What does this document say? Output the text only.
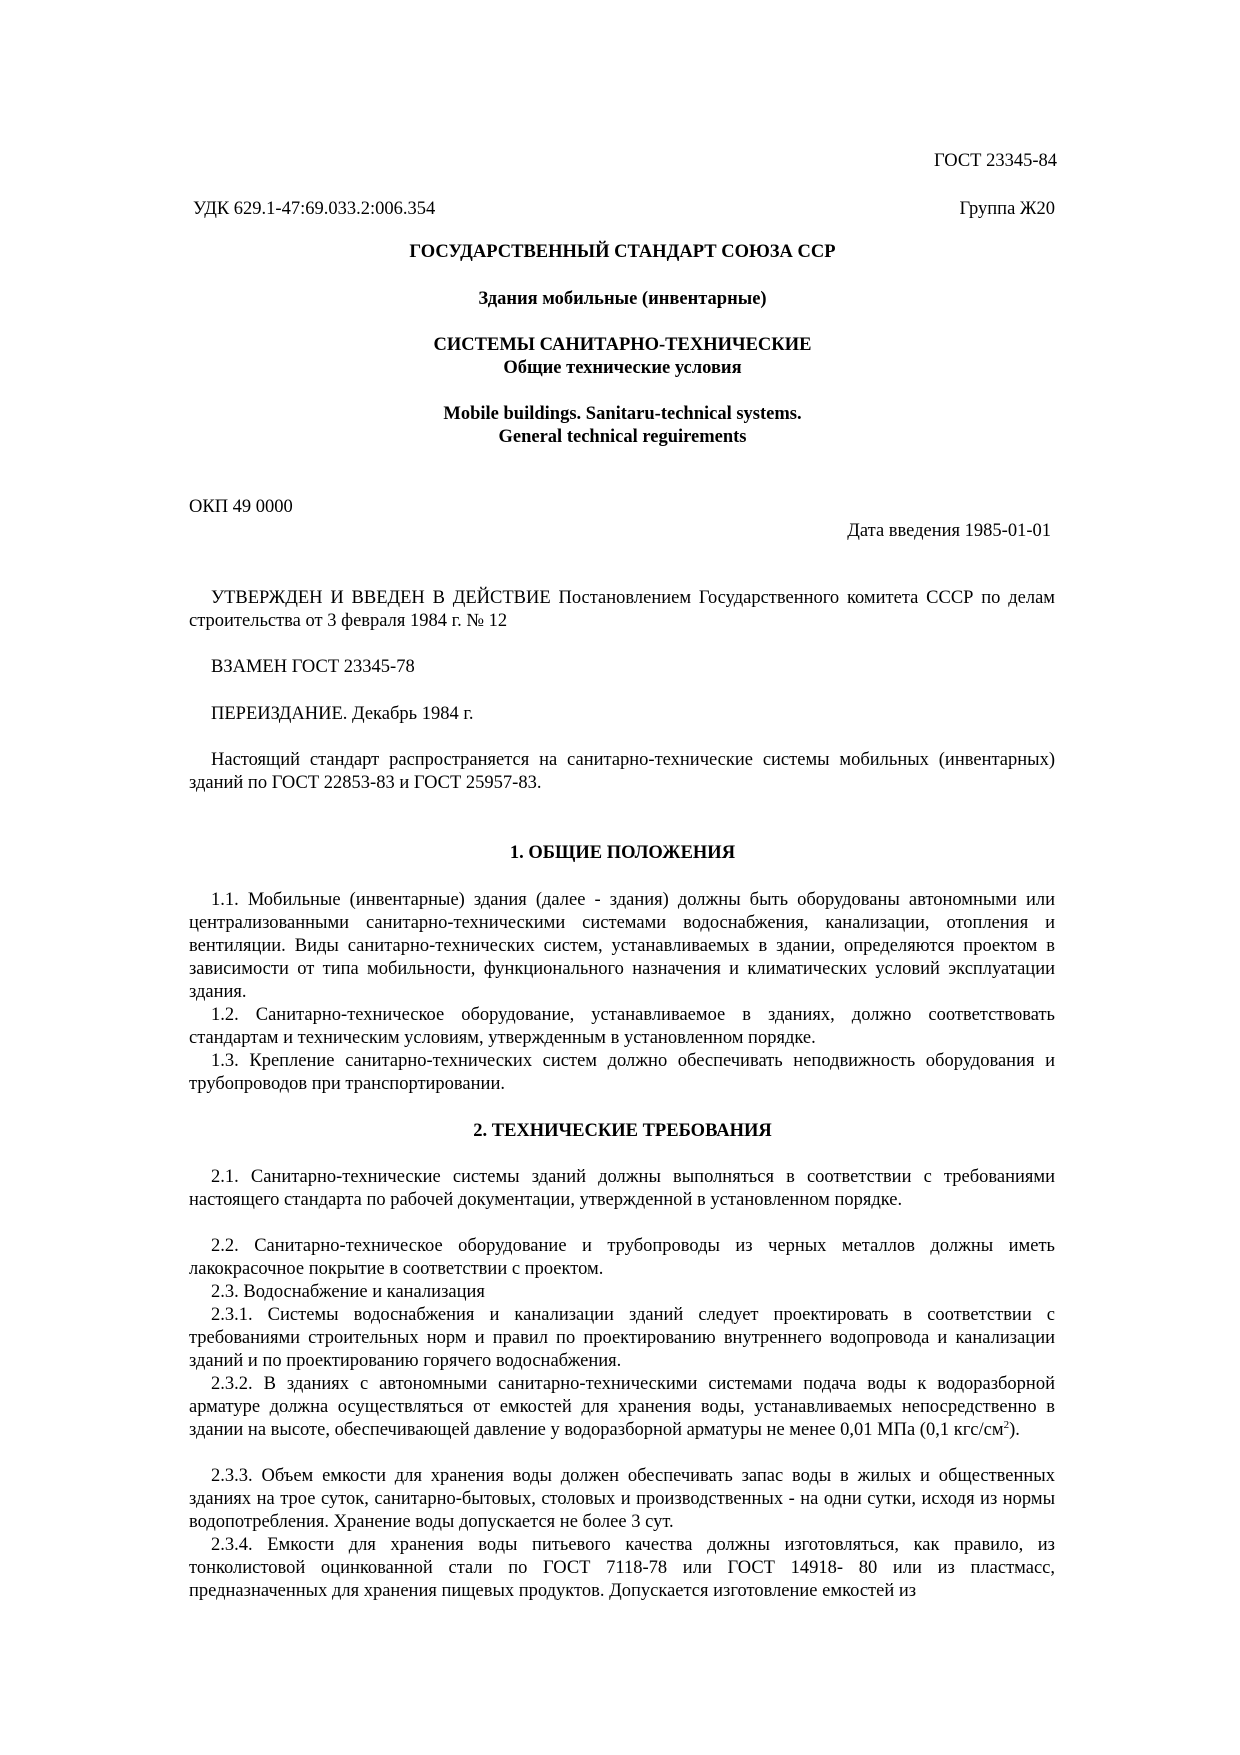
ГОСТ 23345-84
УДК 629.1-47:69.033.2:006.354	Группа Ж20
ГОСУДАРСТВЕННЫЙ СТАНДАРТ СОЮЗА ССР
Здания мобильные (инвентарные)
СИСТЕМЫ САНИТАРНО-ТЕХНИЧЕСКИЕ
Общие технические условия
Mobile buildings. Sanitaru-technical systems.
General technical reguirements
ОКП 49 0000
Дата введения 1985-01-01

УТВЕРЖДЕН И ВВЕДЕН В ДЕЙСТВИЕ Постановлением Государственного комитета СССР по делам строительства от 3 февраля 1984 г. № 12

ВЗАМЕН ГОСТ 23345-78

ПЕРЕИЗДАНИЕ. Декабрь 1984 г.

Настоящий стандарт распространяется на санитарно-технические системы мобильных (инвентарных) зданий по ГОСТ 22853-83 и ГОСТ 25957-83.

1. ОБЩИЕ ПОЛОЖЕНИЯ

1.1. Мобильные (инвентарные) здания (далее - здания) должны быть оборудованы автономными или централизованными санитарно-техническими системами водоснабжения, канализации, отопления и вентиляции. Виды санитарно-технических систем, устанавливаемых в здании, определяются проектом в зависимости от типа мобильности, функционального назначения и климатических условий эксплуатации здания.

1.2. Санитарно-техническое оборудование, устанавливаемое в зданиях, должно соответствовать стандартам и техническим условиям, утвержденным в установленном порядке.

1.3. Крепление санитарно-технических систем должно обеспечивать неподвижность оборудования и трубопроводов при транспортировании.

2. ТЕХНИЧЕСКИЕ ТРЕБОВАНИЯ

2.1. Санитарно-технические системы зданий должны выполняться в соответствии с требованиями настоящего стандарта по рабочей документации, утвержденной в установленном порядке.

2.2. Санитарно-техническое оборудование и трубопроводы из черных металлов должны иметь лакокрасочное покрытие в соответствии с проектом.

2.3. Водоснабжение и канализация

2.3.1. Системы водоснабжения и канализации зданий следует проектировать в соответствии с требованиями строительных норм и правил по проектированию внутреннего водопровода и канализации зданий и по проектированию горячего водоснабжения.

2.3.2. В зданиях с автономными санитарно-техническими системами подача воды к водоразборной арматуре должна осуществляться от емкостей для хранения воды, устанавливаемых непосредственно в здании на высоте, обеспечивающей давление у водоразборной арматуры не менее 0,01 МПа (0,1 кгс/$см^2$).

2.3.3. Объем емкости для хранения воды должен обеспечивать запас воды в жилых и общественных зданиях на трое суток, санитарно-бытовых, столовых и производственных - на одни сутки, исходя из нормы водопотребления. Хранение воды допускается не более 3 сут.

2.3.4. Емкости для хранения воды питьевого качества должны изготовляться, как правило, из тонколистовой оцинкованной стали по ГОСТ 7118-78 или ГОСТ 14918- 80 или из пластмасс, предназначенных для хранения пищевых продуктов. Допускается изготовление емкостей из
